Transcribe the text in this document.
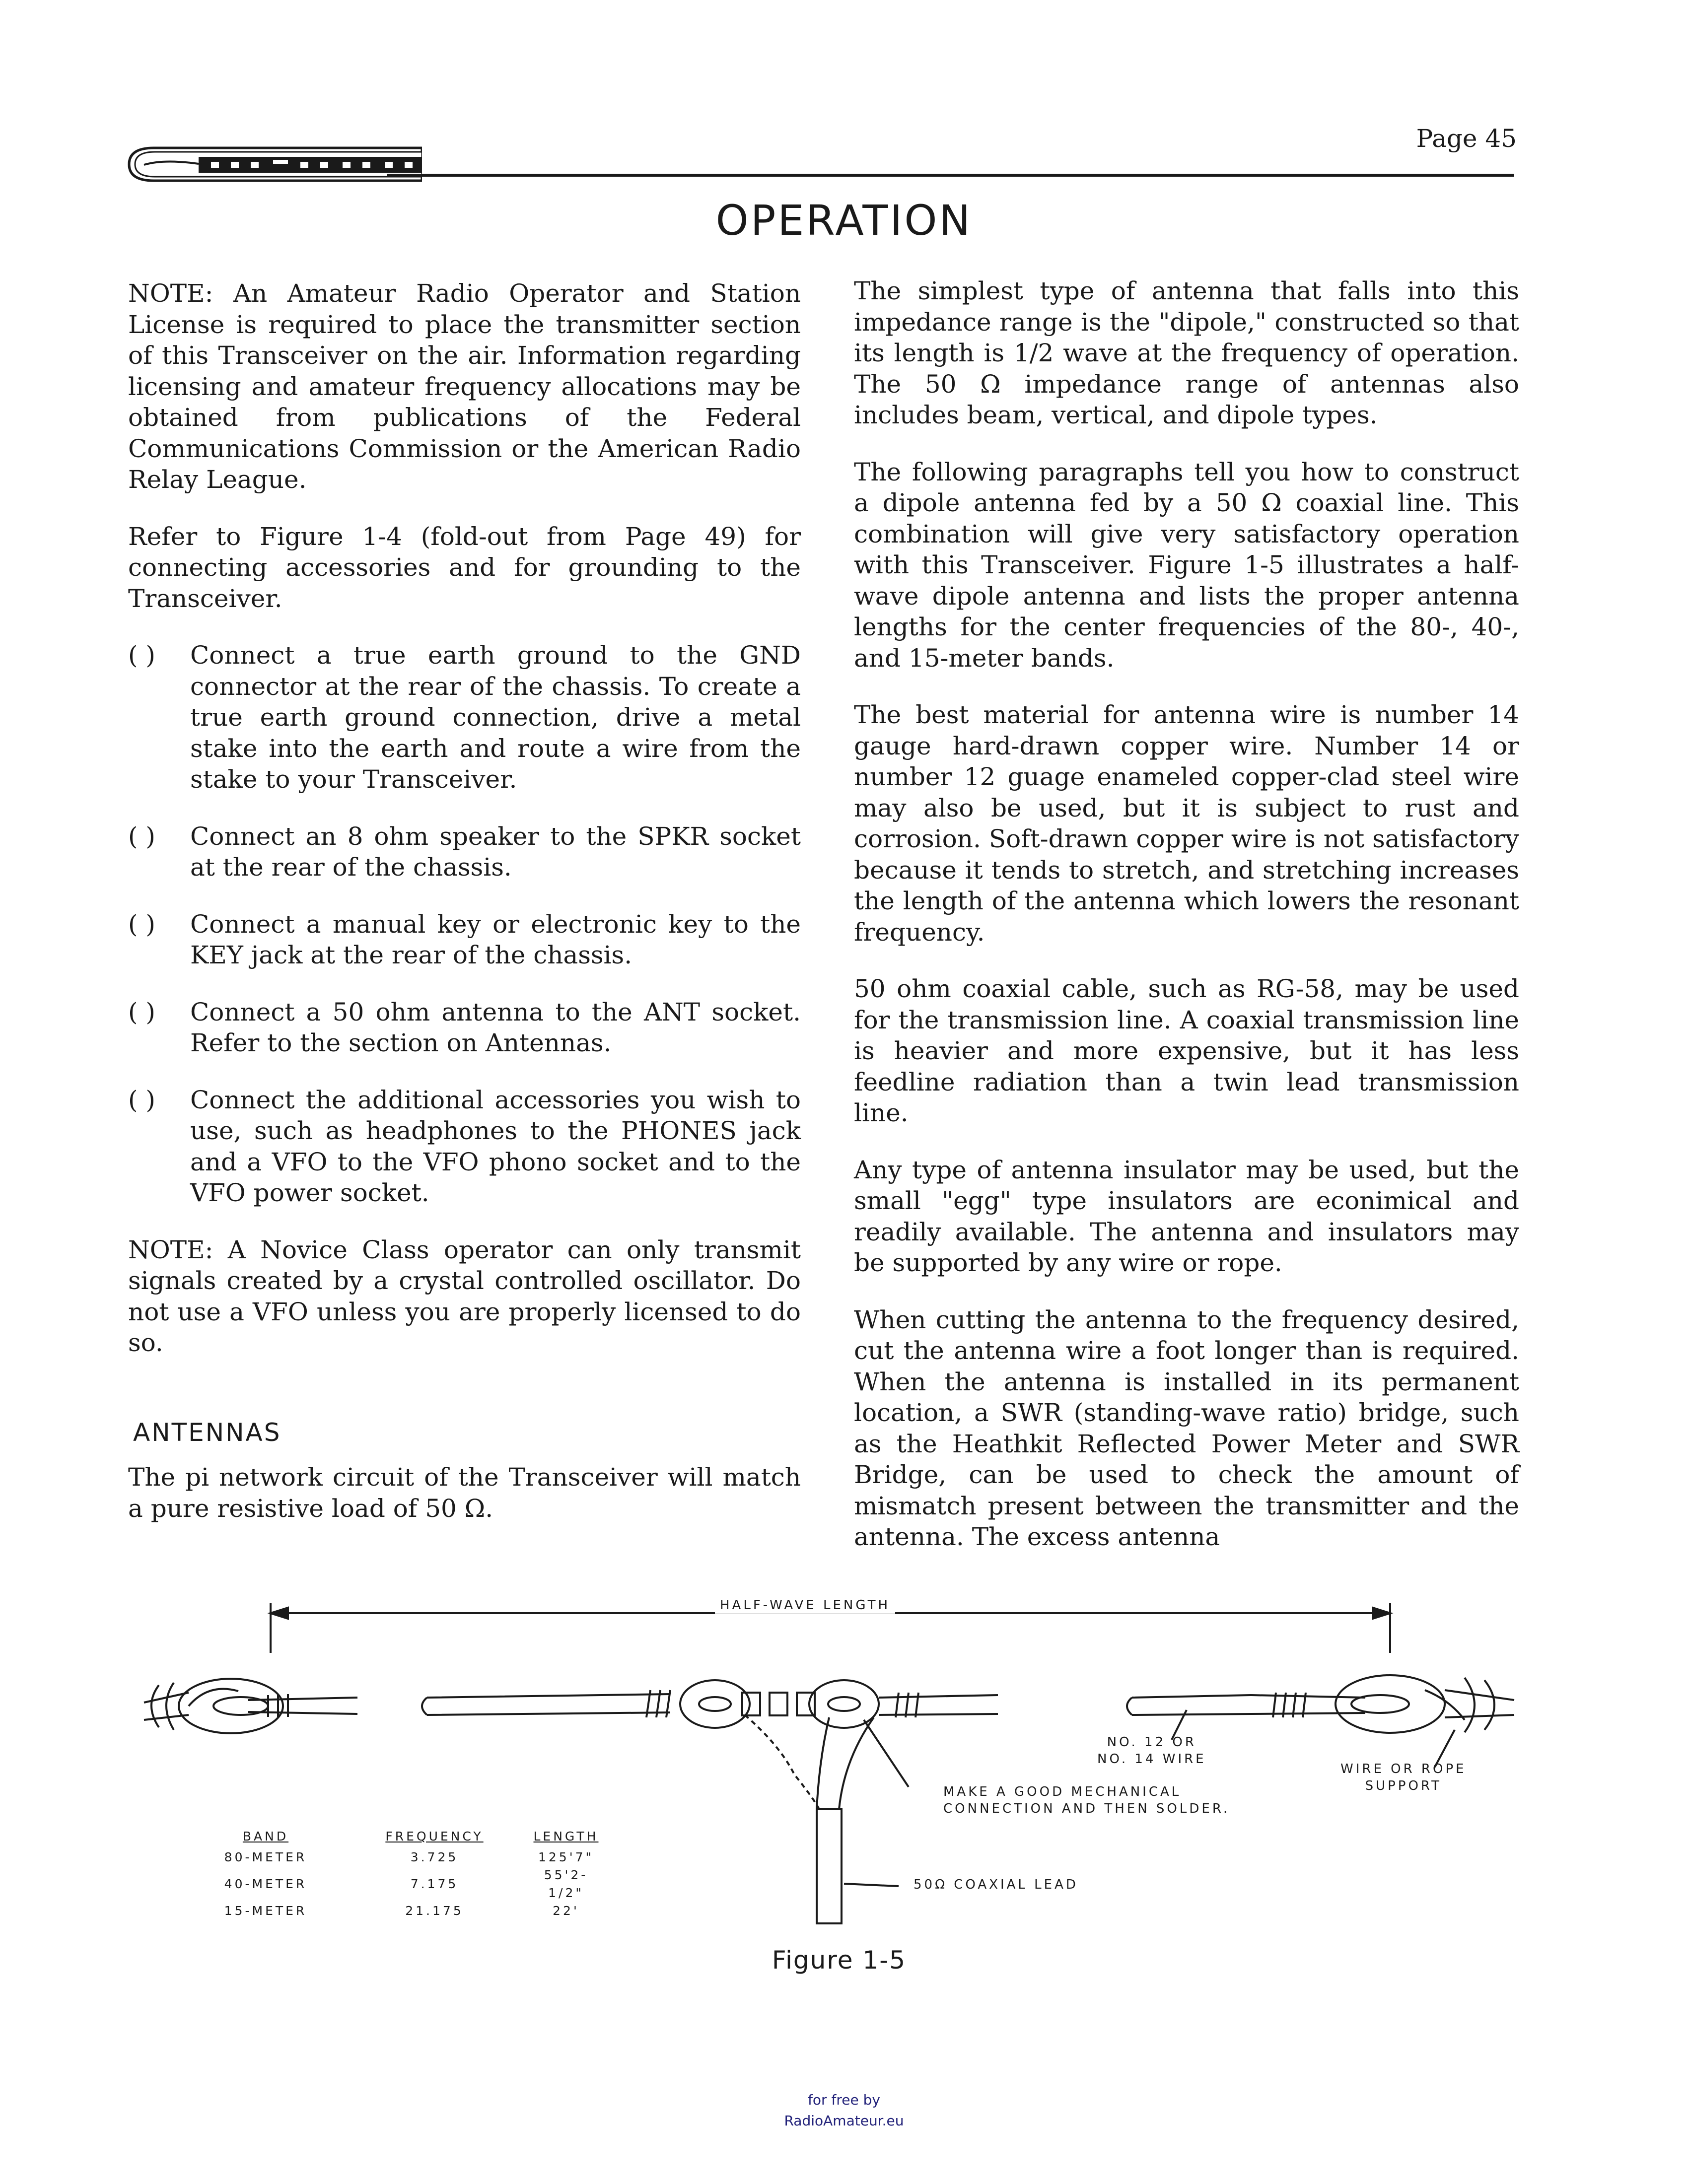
Page 45
OPERATION

NOTE: An Amateur Radio Operator and Station License is required to place the transmitter section of this Transceiver on the air. Information regarding licensing and amateur frequency allocations may be obtained from publications of the Federal Communications Commission or the American Radio Relay League.

Refer to Figure 1-4 (fold-out from Page 49) for connecting accessories and for grounding to the Transceiver.

( )	Connect a true earth ground to the GND connector at the rear of the chassis. To create a true earth ground connection, drive a metal stake into the earth and route a wire from the stake to your Transceiver.
( )	Connect an 8 ohm speaker to the SPKR socket at the rear of the chassis.
( )	Connect a manual key or electronic key to the KEY jack at the rear of the chassis.
( )	Connect a 50 ohm antenna to the ANT socket. Refer to the section on Antennas.
( )	Connect the additional accessories you wish to use, such as headphones to the PHONES jack and a VFO to the VFO phono socket and to the VFO power socket.

NOTE: A Novice Class operator can only transmit signals created by a crystal controlled oscillator. Do not use a VFO unless you are properly licensed to do so.

ANTENNAS

The pi network circuit of the Transceiver will match a pure resistive load of 50 Ω.

The simplest type of antenna that falls into this impedance range is the "dipole," constructed so that its length is 1/2 wave at the frequency of operation. The 50 Ω impedance range of antennas also includes beam, vertical, and dipole types.

The following paragraphs tell you how to construct a dipole antenna fed by a 50 Ω coaxial line. This combination will give very satisfactory operation with this Transceiver. Figure 1-5 illustrates a half-wave dipole antenna and lists the proper antenna lengths for the center frequencies of the 80-, 40-, and 15-meter bands.

The best material for antenna wire is number 14 gauge hard-drawn copper wire. Number 14 or number 12 guage enameled copper-clad steel wire may also be used, but it is subject to rust and corrosion. Soft-drawn copper wire is not satisfactory because it tends to stretch, and stretching increases the length of the antenna which lowers the resonant frequency.

50 ohm coaxial cable, such as RG-58, may be used for the transmission line. A coaxial transmission line is heavier and more expensive, but it has less feedline radiation than a twin lead transmission line.

Any type of antenna insulator may be used, but the small "egg" type insulators are econimical and readily available. The antenna and insulators may be supported by any wire or rope.

When cutting the antenna to the frequency desired, cut the antenna wire a foot longer than is required. When the antenna is installed in its permanent location, a SWR (standing-wave ratio) bridge, such as the Heathkit Reflected Power Meter and SWR Bridge, can be used to check the amount of mismatch present between the transmitter and the antenna. The excess antenna

HALF-WAVE LENGTH
NO. 12 OR
NO. 14 WIRE
WIRE OR ROPE
SUPPORT
MAKE A GOOD MECHANICAL
CONNECTION AND THEN SOLDER.
50Ω COAXIAL LEAD
BAND	FREQUENCY	LENGTH
80-METER	3.725	125'7"
40-METER	7.175	55'2-1/2"
15-METER	21.175	22'
Figure 1-5
for free by
RadioAmateur.eu
